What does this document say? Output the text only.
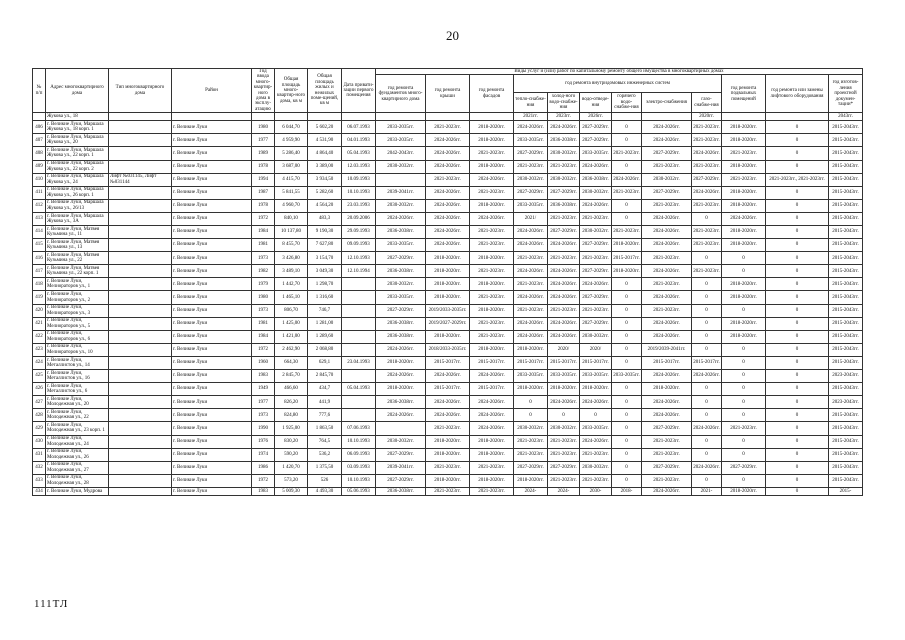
20
№ п/п	Адрес многоквартирного дома	Тип многоквартирного дома	Район	Год ввода много-квартир-ного дома в эксплу-атацию	Общая площадь много-квартир-ного дома, кв м	Общая площадь жилых и нежилых поме-щений, кв м	Дата привати-зации первого помещения	Виды услуг и (или) работ по капитальному ремонту общего имущества в многоквартирных домах											
								год ремонта фундаментов много-квартирного дома	год ремонта крыши	год ремонта фасадов	год ремонта внутридомовых инженерных систем						год ремонта подвальных помещений	год ремонта или замены лифтового оборудования	год изготов-ления проектной докумен-тации*
											тепло-снабже-ния	холод-ного водо-снабже-ния	водо-отведе-ния	горячего водо-снабже-ния	электро-снабжения	газо-снабже-ния			
	Жукова ул., 18										2021гг.	2023гг.	2026гг.			2020гг.			2043гг.
406	г. Великие Луки, Маршала Жукова ул., 18 корп. 1		г. Великие Луки	1980	6 044,70	5 602,20	06.07.1993	2033-2035гг.	2021-2023гг.	2018-2020гг.	2024-2026гг.	2024-2026гг.	2027-2029гг.	0	2024-2026гг.	2021-2023гг.	2018-2020гг.	0	2015-2043гг.
407	г. Великие Луки, Маршала Жукова ул., 20		г. Великие Луки	1977	4 959,90	4 531,90	04.01.1993	2033-2035гг.	2024-2026гг.	2018-2020гг.	2033-2035гг.	2036-2038гг.	2027-2029гг.	0	2024-2026гг.	2021-2023гг.	2018-2020гг.	0	2015-2043гг.
408	г. Великие Луки, Маршала Жукова ул., 22 корп. 1		г. Великие Луки	1989	5 286,40	4 864,40	05.04.1993	2042-2043гг.	2024-2026гг.	2021-2023гг.	2027-2029гг.	2030-2032гг.	2033-2035гг.	2021-2023гг.	2027-2029гг.	2024-2026гг.	2021-2023гг.	0	2015-2043гг.
409	г. Великие Луки, Маршала Жукова ул., 22 корп. 2		г. Великие Луки	1978	3 687,00	3 389,00	12.03.1993	2030-2032гг.	2024-2026гг.	2018-2020гг.	2021-2023гг.	2021-2023гг.	2024-2026гг.	0	2021-2023гг.	2021-2023гг.	2018-2020гг.	0	2015-2043гг.
410	г. Великие Луки, Маршала Жукова ул., 24	Лифт №031145, Лифт №031144	г. Великие Луки	1994	4 415,70	3 934,50	10.09.1993		2021-2023гг.	2024-2026гг.	2030-2032гг.	2030-2032гг.	2036-2038гг.	2024-2026гг.	2030-2032гг.	2027-2029гг.	2021-2023гг.	2021-2023гг., 2021-2023гг.	2015-2043гг.
411	г. Великие Луки, Маршала Жукова ул., 26 корп. 1		г. Великие Луки	1987	5 841,55	5 282,60	10.10.1993	2039-2041гг.	2024-2026гг.	2021-2023гг.	2027-2029гг.	2027-2029гг.	2030-2032гг.	2021-2023гг.	2027-2029гг.	2024-2026гг.	2018-2020гг.	0	2015-2043гг.
412	г. Великие Луки, Маршала Жукова ул., 26/13		г. Великие Луки	1978	4 960,70	4 564,20	23.03.1993	2030-2032гг.	2024-2026гг.	2018-2020гг.	2033-2035гг.	2036-2038гг.	2024-2026гг.	0	2021-2023гг.	2021-2023гг.	2018-2020гг.	0	2015-2043гг.
413	г. Великие Луки, Маршала Жукова ул., 3А		г. Великие Луки	1972	840,10	483,3	20.09.2006	2024-2026гг.	2024-2026гг.	2024-2026гг.	2021/	2021-2023гг.	2021-2023гг.	0	2024-2026гг.	0	2024-2026гг.	0	2015-2043гг.
414	г. Великие Луки, Матвея Кузьмина ул., 11		г. Великие Луки	1984	10 137,80	9 190,30	29.09.1993	2036-2038гг.	2024-2026гг.	2021-2023гг.	2024-2026гг.	2027-2029гг.	2030-2032гг.	2021-2023гг.	2024-2026гг.	2021-2023гг.	2018-2020гг.	0	2015-2043гг.
415	г. Великие Луки, Матвея Кузьмина ул., 13		г. Великие Луки	1981	8 455,70	7 627,80	09.09.1993	2033-2035гг.	2024-2026гг.	2021-2023гг.	2024-2026гг.	2024-2026гг.	2027-2029гг.	2018-2020гг.	2024-2026гг.	2021-2023гг.	2018-2020гг.	0	2015-2043гг.
416	г. Великие Луки, Матвея Кузьмина ул., 22		г. Великие Луки	1973	3 426,80	3 154,70	12.10.1993	2027-2029гг.	2018-2020гг.	2018-2020гг.	2021-2023гг.	2021-2023гг.	2021-2023гг.	2015-2017гг.	2021-2023гг.	0	0	0	2015-2043гг.
417	г. Великие Луки, Матвея Кузьмина ул., 22 корп. 1		г. Великие Луки	1982	3 489,10	3 049,30	12.10.1994	2036-2038гг.	2018-2020гг.	2021-2023гг.	2024-2026гг.	2024-2026гг.	2027-2029гг.	2018-2020гг.	2024-2026гг.	2021-2023гг.	0	0	2015-2043гг.
418	г. Великие Луки, Мелиораторов ул., 1		г. Великие Луки	1979	1 442,70	1 298,70		2030-2032гг.	2018-2020гг.	2018-2020гг.	2021-2023гг.	2024-2026гг.	2024-2026гг.	0	2021-2023гг.	0	2018-2020гг.	0	2015-2043гг.
419	г. Великие Луки, Мелиораторов ул., 2		г. Великие Луки	1980	1 465,10	1 316,60		2033-2035гг.	2018-2020гг.	2021-2023гг.	2024-2026гг.	2024-2026гг.	2027-2029гг.	0	2024-2026гг.	0	2018-2020гг.	0	2015-2043гг.
420	г. Великие Луки, Мелиораторов ул., 3		г. Великие Луки	1973	806,70	746,7		2027-2029гг.	2019/2033-2035гг.	2018-2020гг.	2021-2023гг.	2021-2023гг.	2021-2023гг.	0	2021-2023гг.	0	0	0	2015-2043гг.
421	г. Великие Луки, Мелиораторов ул., 5		г. Великие Луки	1981	1 425,00	1 281,00		2036-2038гг.	2019/2027-2029гг.	2021-2023гг.	2024-2026гг.	2024-2026гг.	2027-2029гг.	0	2024-2026гг.	0	2018-2020гг.	0	2015-2043гг.
422	г. Великие Луки, Мелиораторов ул., 6		г. Великие Луки	1984	1 421,00	1 289,60		2036-2038гг.	2018-2020гг.	2021-2023гг.	2024-2026гг.	2024-2026гг.	2030-2032гг.	0	2024-2026гг.	0	2018-2020гг.	0	2015-2043гг.
423	г. Великие Луки, Мелиораторов ул., 10		г. Великие Луки	1972	2 462,90	2 068,80		2024-2026гг.	2018/2033-2035гг.	2018-2020гг.	2018-2020гг.	2020/	2020/	0	2019/2039-2041гг.	0	0	0	2015-2043гг.
424	г. Великие Луки, Металлистов ул., 14		г. Великие Луки	1960	664,30	629,1	23.04.1993	2018-2020гг.	2015-2017гг.	2015-2017гг.	2015-2017гг.	2015-2017гг.	2015-2017гг.	0	2015-2017гг.	2015-2017гг.	0	0	2015-2043гг.
425	г. Великие Луки, Металлистов ул., 16		г. Великие Луки	1983	2 845,70	2 845,70		2024-2026гг.	2024-2026гг.	2024-2026гг.	2033-2035гг.	2033-2035гг.	2033-2035гг.	2033-2035гг.	2024-2026гг.	2024-2026гг.	0	0	2023-2043гг.
426	г. Великие Луки, Металлистов ул., 6		г. Великие Луки	1949	466,60	434,7	05.04.1993	2018-2020гг.	2015-2017гг.	2015-2017гг.	2018-2020гг.	2018-2020гг.	2018-2020гг.	0	2018-2020гг.	0	0	0	2015-2043гг.
427	г. Великие Луки, Молодежная ул., 20		г. Великие Луки	1977	826,20	441,9		2036-2038гг.	2024-2026гг.	2024-2026гг.	0	2024-2026гг.	2024-2026гг.	0	2024-2026гг.	0	0	0	2023-2043гг.
428	г. Великие Луки, Молодежная ул., 22		г. Великие Луки	1973	824,80	777,6		2024-2026гг.	2024-2026гг.	2024-2026гг.	0	0	0	0	2024-2026гг.	0	0	0	2015-2043гг.
429	г. Великие Луки, Молодежная ул., 23 корп. 1		г. Великие Луки	1990	1 925,00	1 863,50	07.06.1993		2021-2023гг.	2024-2026гг.	2030-2032гг.	2030-2032гг.	2033-2035гг.	0	2027-2029гг.	2024-2026гг.	2021-2023гг.	0	2015-2043гг.
430	г. Великие Луки, Молодежная ул., 24		г. Великие Луки	1976	830,20	764,5	10.10.1993	2030-2032гг.	2018-2020гг.	2018-2020гг.	2021-2023гг.	2021-2023гг.	2024-2026гг.	0	2021-2023гг.	0	0	0	2015-2043гг.
431	г. Великие Луки, Молодежная ул., 26		г. Великие Луки	1974	590,20	536,2	06.09.1993	2027-2029гг.	2018-2020гг.	2018-2020гг.	2021-2023гг.	2021-2023гг.	2021-2023гг.	0	2021-2023гг.	0	0	0	2015-2043гг.
432	г. Великие Луки, Молодежная ул., 27		г. Великие Луки	1986	1 420,70	1 375,50	03.09.1993	2039-2041гг.	2021-2023гг.	2021-2023гг.	2027-2029гг.	2027-2029гг.	2030-2032гг.	0	2027-2029гг.	2024-2026гг.	2027-2029гг.	0	2015-2043гг.
433	г. Великие Луки, Молодежная ул., 28		г. Великие Луки	1972	573,20	526	10.10.1993	2027-2029гг.	2018-2020гг.	2018-2020гг.	2018-2020гг.	2021-2023гг.	2021-2023гг.	0	2021-2023гг.	0	0	0	2015-2043гг.
434	г. Великие Луки, Мудрова		г. Великие Луки	1983	5 009,30	4 493,30	05.06.1993	2036-2038гг.	2021-2023гг.	2021-2023гг.	2024-	2024-	2030-	2018-	2024-2026гг.	2021-	2018-2020гг.	0	2015-
111ТЛ
